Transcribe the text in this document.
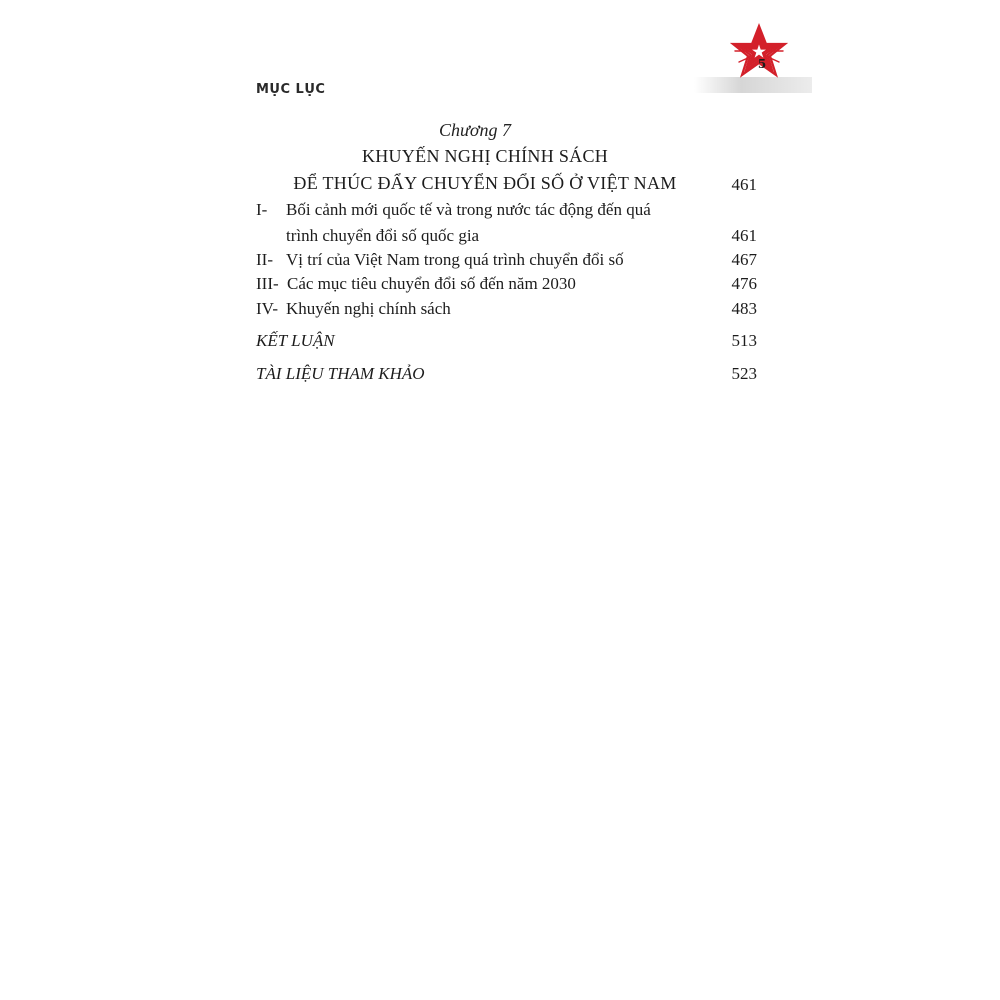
MỤC LỤC
5
Chương 7
KHUYẾN NGHỊ CHÍNH SÁCH
ĐỂ THÚC ĐẨY CHUYỂN ĐỔI SỐ Ở VIỆT NAM	461
I- Bối cảnh mới quốc tế và trong nước tác động đến quá
trình chuyển đổi số quốc gia	461
II- Vị trí của Việt Nam trong quá trình chuyển đổi số	467
III- Các mục tiêu chuyển đổi số đến năm 2030	476
IV- Khuyến nghị chính sách	483
KẾT LUẬN	513
TÀI LIỆU THAM KHẢO	523
